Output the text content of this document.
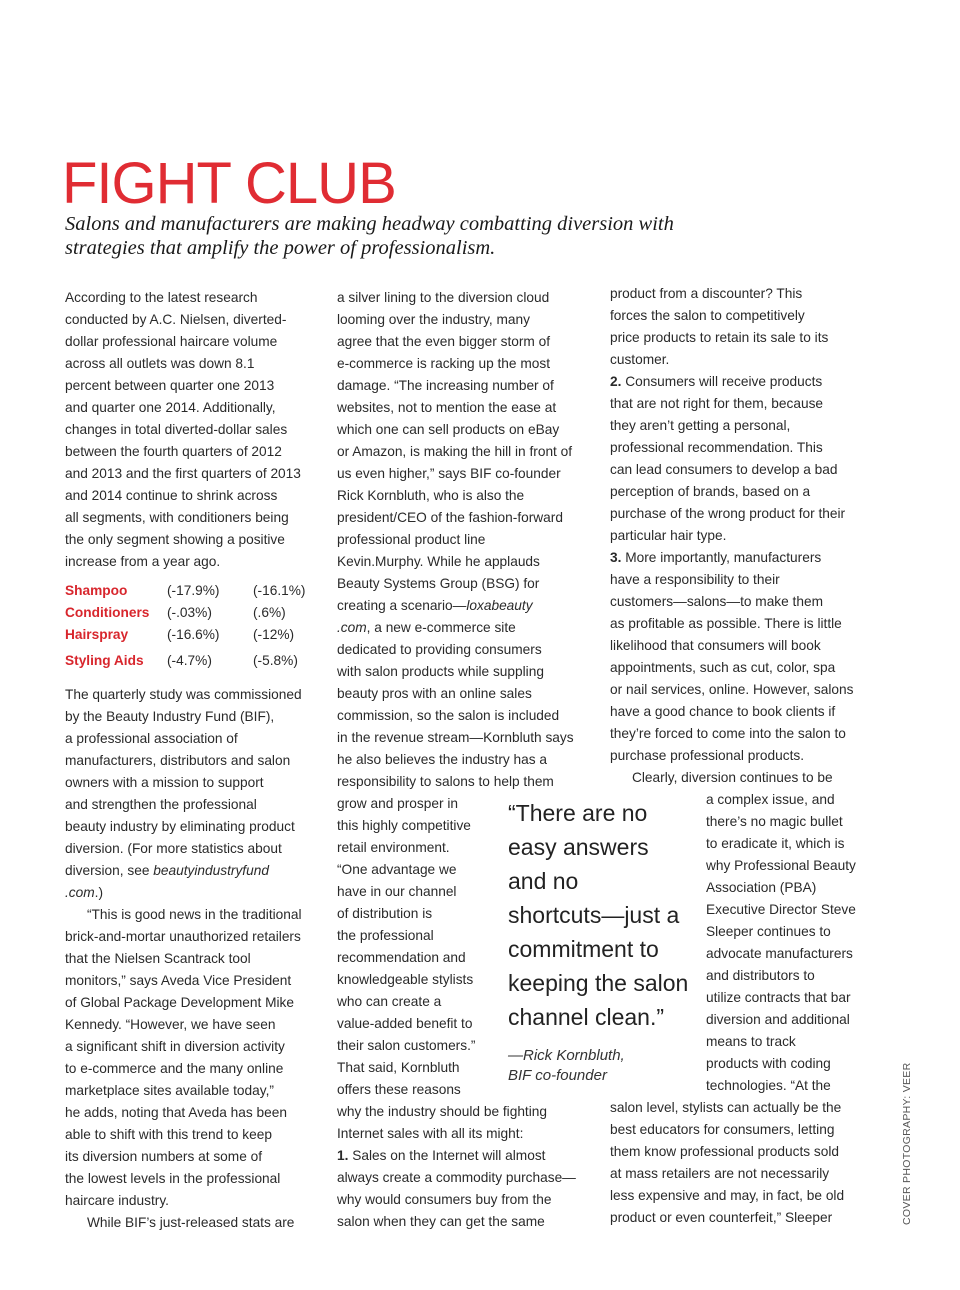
FIGHT CLUB
Salons and manufacturers are making headway combatting diversion with
strategies that amplify the power of professionalism.
According to the latest research
conducted by A.C. Nielsen, diverted-
dollar professional haircare volume
across all outlets was down 8.1
percent between quarter one 2013
and quarter one 2014. Additionally,
changes in total diverted-dollar sales
between the fourth quarters of 2012
and 2013 and the first quarters of 2013
and 2014 continue to shrink across
all segments, with conditioners being
the only segment showing a positive
increase from a year ago.
Shampoo	(-17.9%) (-16.1%)
Conditioners (-.03%)	(.6%)
Hairspray	(-16.6%) (-12%)
Styling Aids (-4.7%)	(-5.8%)
The quarterly study was commissioned
by the Beauty Industry Fund (BIF),
a professional association of
manufacturers, distributors and salon
owners with a mission to support
and strengthen the professional
beauty industry by eliminating product
diversion. (For more statistics about
diversion, see beautyindustryfund
.com.)
“This is good news in the traditional
brick-and-mortar unauthorized retailers
that the Nielsen Scantrack tool
monitors,” says Aveda Vice President
of Global Package Development Mike
Kennedy. “However, we have seen
a significant shift in diversion activity
to e-commerce and the many online
marketplace sites available today,”
he adds, noting that Aveda has been
able to shift with this trend to keep
its diversion numbers at some of
the lowest levels in the professional
haircare industry.
While BIF’s just-released stats are
a silver lining to the diversion cloud
looming over the industry, many
agree that the even bigger storm of
e-commerce is racking up the most
damage. “The increasing number of
websites, not to mention the ease at
which one can sell products on eBay
or Amazon, is making the hill in front of
us even higher,” says BIF co-founder
Rick Kornbluth, who is also the
president/CEO of the fashion-forward
professional product line
Kevin.Murphy. While he applauds
Beauty Systems Group (BSG) for
creating a scenario—loxabeauty
.com, a new e-commerce site
dedicated to providing consumers
with salon products while suppling
beauty pros with an online sales
commission, so the salon is included
in the revenue stream—Kornbluth says
he also believes the industry has a
responsibility to salons to help them
grow and prosper in
this highly competitive
retail environment.
“One advantage we
have in our channel
of distribution is
the professional
recommendation and
knowledgeable stylists
who can create a
value-added benefit to
their salon customers.”
That said, Kornbluth
offers these reasons
why the industry should be fighting
Internet sales with all its might:
1. Sales on the Internet will almost
always create a commodity purchase—
why would consumers buy from the
salon when they can get the same
“There are no
easy answers
and no
shortcuts—just a
commitment to
keeping the salon
channel clean.”
—Rick Kornbluth,
BIF co-founder
product from a discounter? This
forces the salon to competitively
price products to retain its sale to its
customer.
2. Consumers will receive products
that are not right for them, because
they aren’t getting a personal,
professional recommendation. This
can lead consumers to develop a bad
perception of brands, based on a
purchase of the wrong product for their
particular hair type.
3. More importantly, manufacturers
have a responsibility to their
customers—salons—to make them
as profitable as possible. There is little
likelihood that consumers will book
appointments, such as cut, color, spa
or nail services, online. However, salons
have a good chance to book clients if
they’re forced to come into the salon to
purchase professional products.
Clearly, diversion continues to be
a complex issue, and
there’s no magic bullet
to eradicate it, which is
why Professional Beauty
Association (PBA)
Executive Director Steve
Sleeper continues to
advocate manufacturers
and distributors to
utilize contracts that bar
diversion and additional
means to track
products with coding
technologies. “At the
salon level, stylists can actually be the
best educators for consumers, letting
them know professional products sold
at mass retailers are not necessarily
less expensive and may, in fact, be old
product or even counterfeit,” Sleeper	COVER PHOTOGRAPHY: VEER
